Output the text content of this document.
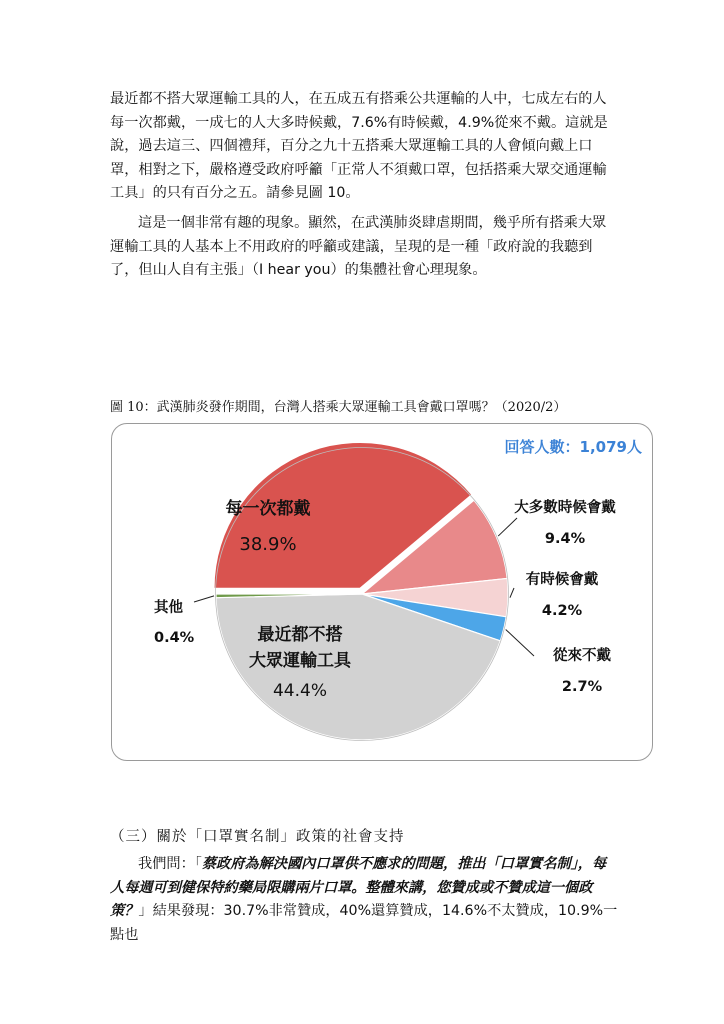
最近都不搭大眾運輸工具的人，在五成五有搭乘公共運輸的人中，七成左右的人每一次都戴，一成七的人大多時候戴，7.6%有時候戴，4.9%從來不戴。這就是說，過去這三、四個禮拜，百分之九十五搭乘大眾運輸工具的人會傾向戴上口罩，相對之下，嚴格遵受政府呼籲「正常人不須戴口罩，包括搭乘大眾交通運輸工具」的只有百分之五。請參見圖 10。

這是一個非常有趣的現象。顯然，在武漢肺炎肆虐期間，幾乎所有搭乘大眾運輸工具的人基本上不用政府的呼籲或建議，呈現的是一種「政府說的我聽到了，但山人自有主張」（I hear you）的集體社會心理現象。

圖 10：武漢肺炎發作期間，台灣人搭乘大眾運輸工具會戴口罩嗎？（2020/2）
回答人數：1,079人
每一次都戴
38.9%
大多數時候會戴
9.4%
有時候會戴
4.2%
從來不戴
2.7%
最近都不搭
大眾運輸工具
44.4%
其他
0.4%
（三）關於「口罩實名制」政策的社會支持

我們問：「蔡政府為解決國內口罩供不應求的問題，推出「口罩實名制」，每人每週可到健保特約藥局限購兩片口罩。整體來講，您贊成或不贊成這一個政策？」結果發現：30.7%非常贊成，40%還算贊成，14.6%不太贊成，10.9%一點也
